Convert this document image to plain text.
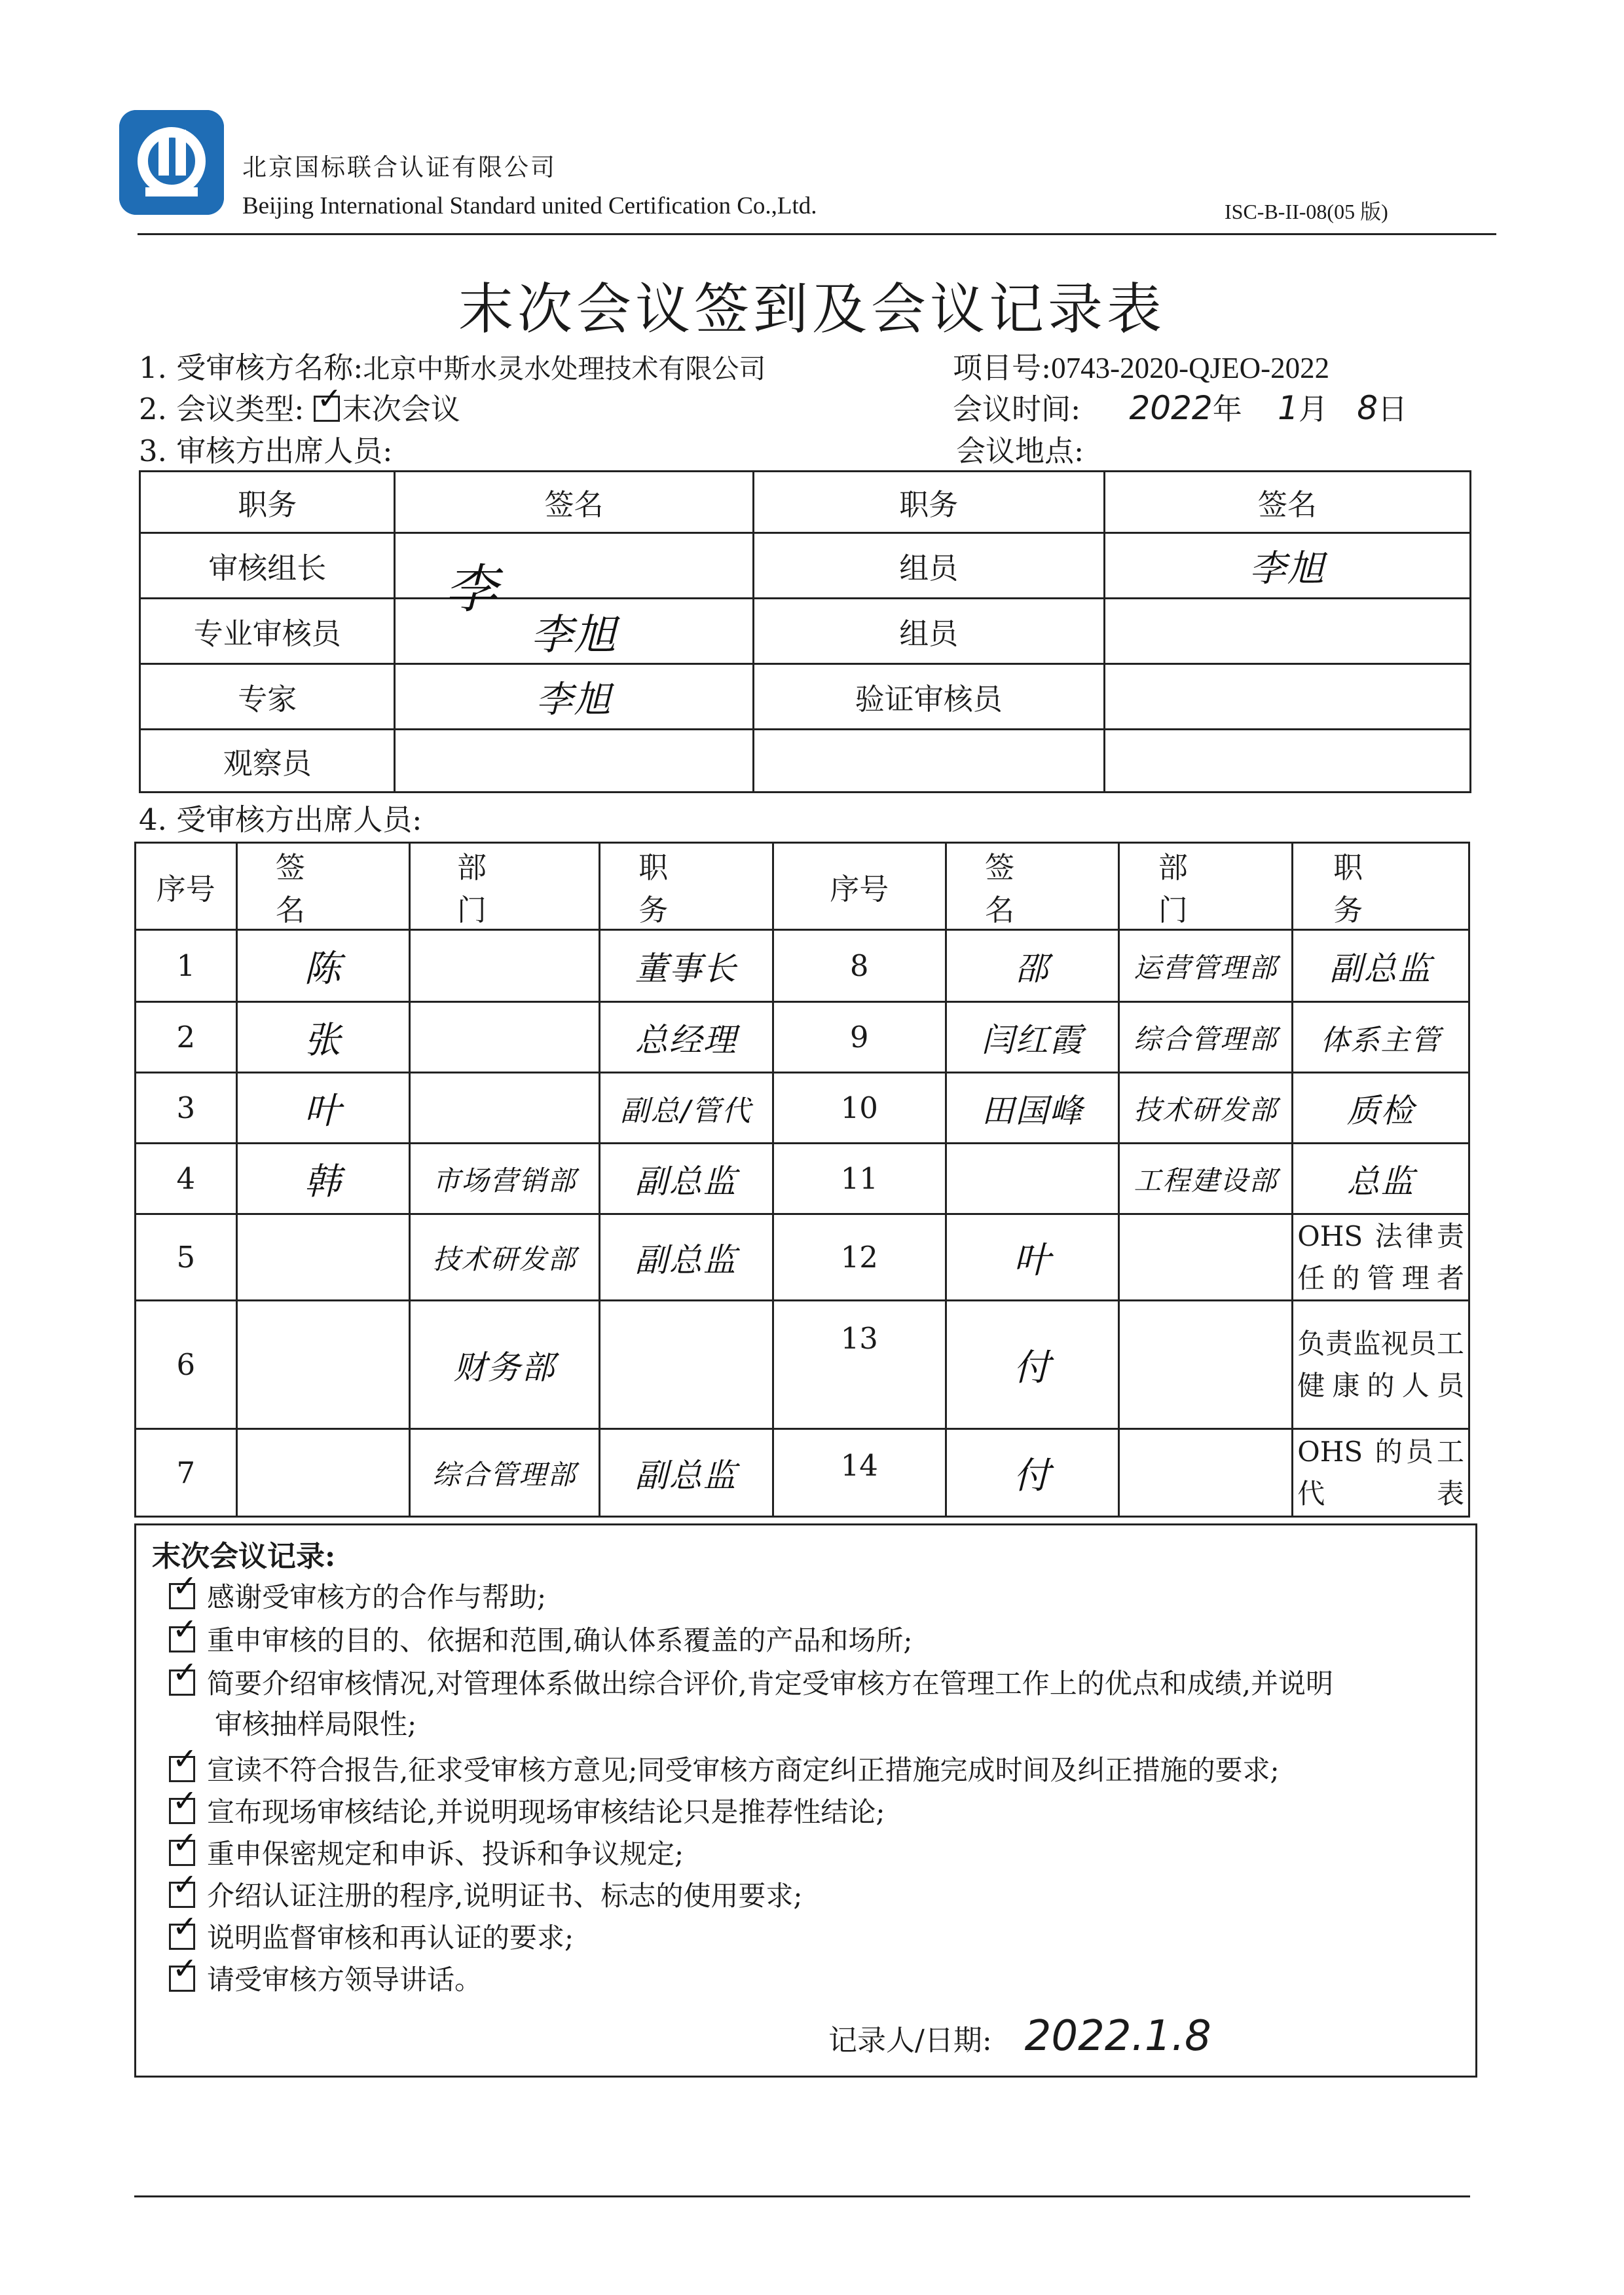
北京国标联合认证有限公司
Beijing International Standard united Certification Co.,Ltd.	ISC-B-II-08(05 版)
末次会议签到及会议记录表
1. 受审核方名称:北京中斯水灵水处理技术有限公司	项目号:0743-2020-QJEO-2022
2. 会议类型: ✓ 末次会议	会议时间: 2022年 1月 8日
3. 审核方出席人员:	会议地点:
职务	签名	职务	签名
审核组长	李	组员	李旭
专业审核员	李旭	组员	
专家	李旭	验证审核员	
观察员			
4. 受审核方出席人员:
序号	签名	部门	职务	序号	签名	部门	职务
1	陈		董事长	8	邵	运营管理部	副总监
2	张		总经理	9	闫红霞	综合管理部	体系主管
3	叶		副总/管代	10	田国峰	技术研发部	质检
4	韩	市场营销部	副总监	11		工程建设部	总监
5		技术研发部	副总监	12	叶		OHS 法律责任的管理者
6		财务部		13	付		负责监视员工健康的人员
7		综合管理部	副总监	14	付		OHS 的员工代表
末次会议记录:
✓ 感谢受审核方的合作与帮助;
✓ 重申审核的目的、依据和范围,确认体系覆盖的产品和场所;
✓ 简要介绍审核情况,对管理体系做出综合评价,肯定受审核方在管理工作上的优点和成绩,并说明
审核抽样局限性;
✓ 宣读不符合报告,征求受审核方意见;同受审核方商定纠正措施完成时间及纠正措施的要求;
✓ 宣布现场审核结论,并说明现场审核结论只是推荐性结论;
✓ 重申保密规定和申诉、投诉和争议规定;
✓ 介绍认证注册的程序,说明证书、标志的使用要求;
✓ 说明监督审核和再认证的要求;
✓ 请受审核方领导讲话。
记录人/日期: 2022.1.8
